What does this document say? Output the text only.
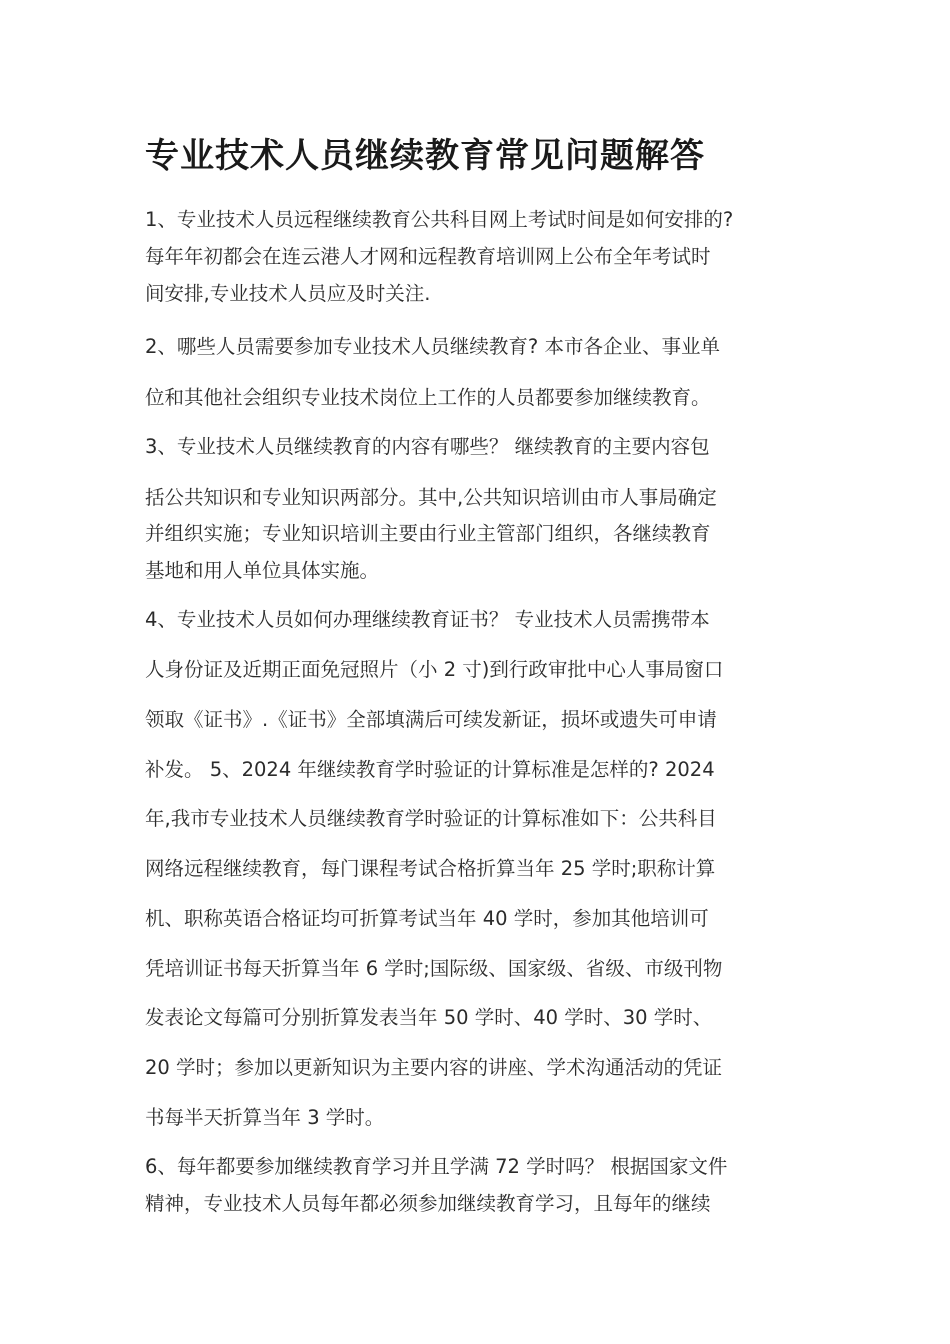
专业技术人员继续教育常见问题解答

1、专业技术人员远程继续教育公共科目网上考试时间是如何安排的?

每年年初都会在连云港人才网和远程教育培训网上公布全年考试时

间安排,专业技术人员应及时关注.

2、哪些人员需要参加专业技术人员继续教育? 本市各企业、事业单

位和其他社会组织专业技术岗位上工作的人员都要参加继续教育。

3、专业技术人员继续教育的内容有哪些？ 继续教育的主要内容包

括公共知识和专业知识两部分。其中,公共知识培训由市人事局确定

并组织实施；专业知识培训主要由行业主管部门组织，各继续教育

基地和用人单位具体实施。

4、专业技术人员如何办理继续教育证书？ 专业技术人员需携带本

人身份证及近期正面免冠照片（小 2 寸)到行政审批中心人事局窗口

领取《证书》.《证书》全部填满后可续发新证，损坏或遗失可申请

补发。 5、2024 年继续教育学时验证的计算标准是怎样的? 2024

年,我市专业技术人员继续教育学时验证的计算标准如下：公共科目

网络远程继续教育，每门课程考试合格折算当年 25 学时;职称计算

机、职称英语合格证均可折算考试当年 40 学时，参加其他培训可

凭培训证书每天折算当年 6 学时;国际级、国家级、省级、市级刊物

发表论文每篇可分别折算发表当年 50 学时、40 学时、30 学时、

20 学时；参加以更新知识为主要内容的讲座、学术沟通活动的凭证

书每半天折算当年 3 学时。

6、每年都要参加继续教育学习并且学满 72 学时吗？ 根据国家文件

精神，专业技术人员每年都必须参加继续教育学习，且每年的继续
